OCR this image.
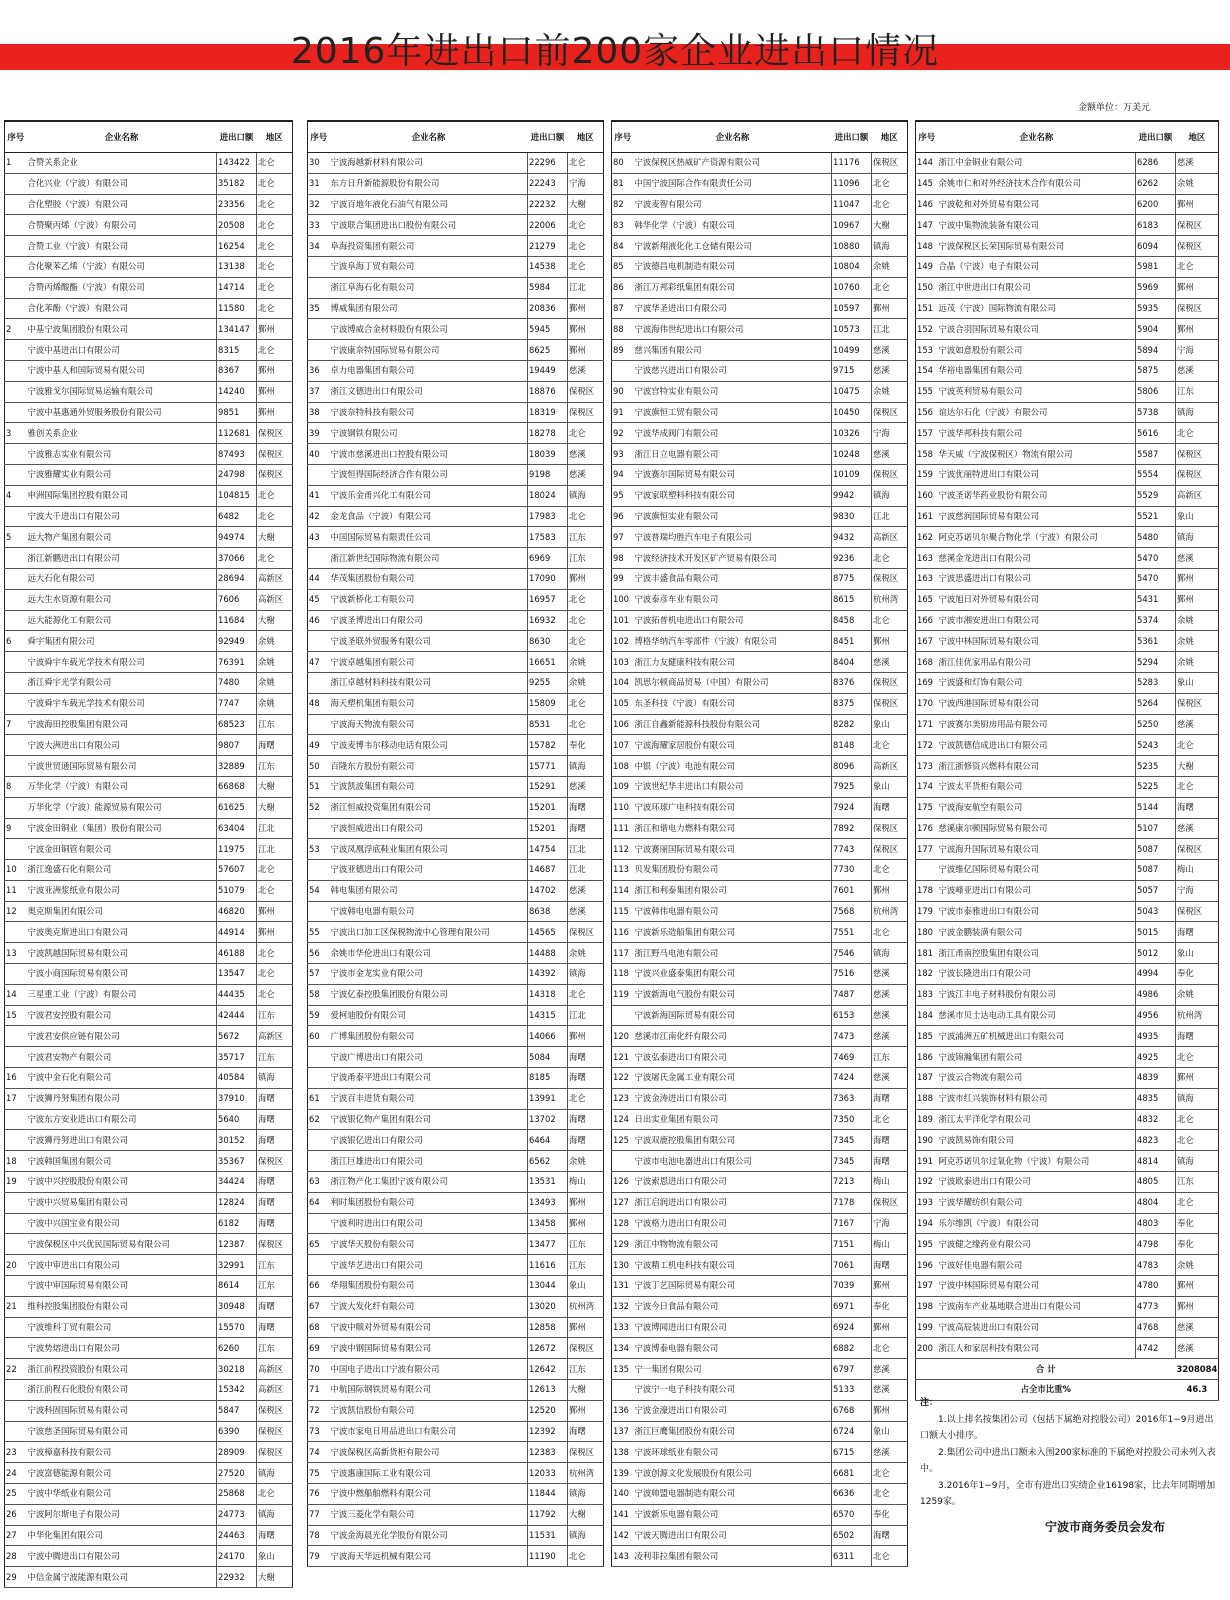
2016年进出口前200家企业进出口情况
金额单位：万美元
序号	企业名称	进出口额	地区
1	合赞关系企业	143422	北仑
	合化兴业（宁波）有限公司	35182	北仑
	合化塑胶（宁波）有限公司	23356	北仑
	合赞聚丙烯（宁波）有限公司	20508	北仑
	合赞工业（宁波）有限公司	16254	北仑
	合化聚苯乙烯（宁波）有限公司	13138	北仑
	合赞丙烯酸酯（宁波）有限公司	14714	北仑
	合化苯酚（宁波）有限公司	11580	北仑
2	中基宁波集团股份有限公司	134147	鄞州
	宁波中基进出口有限公司	8315	北仑
	宁波中基人和国际贸易有限公司	8367	鄞州
	宁波雅戈尔国际贸易运输有限公司	14240	鄞州
	宁波中基惠通外贸服务股份有限公司	9851	鄞州
3	雅创关系企业	112681	保税区
	宁波雅志实业有限公司	87493	保税区
	宁波雅耀实业有限公司	24798	保税区
4	申洲国际集团控股有限公司	104815	北仑
	宁波大千进出口有限公司	6482	北仑
5	远大物产集团有限公司	94974	大榭
	浙江新鹏进出口有限公司	37066	北仑
	远大石化有限公司	28694	高新区
	远大生水资源有限公司	7606	高新区
	远大能源化工有限公司	11684	大榭
6	舜宇集团有限公司	92949	余姚
	宁波舜宇车载光学技术有限公司	76391	余姚
	浙江舜宇光学有限公司	7480	余姚
	宁波舜宇车载光学技术有限公司	7747	余姚
7	宁波海田控股集团有限公司	68523	江东
	宁波大洲进出口有限公司	9807	海曙
	宁波世贸通国际贸易有限公司	32889	江东
8	万华化学（宁波）有限公司	66868	大榭
	万华化学（宁波）能源贸易有限公司	61625	大榭
9	宁波金田铜业（集团）股份有限公司	63404	江北
	宁波金田铜管有限公司	11975	江北
10	浙江逸盛石化有限公司	57607	北仑
11	宁波亚洲浆纸业有限公司	51079	北仑
12	奥克斯集团有限公司	46820	鄞州
	宁波奥克斯进出口有限公司	44914	鄞州
13	宁波凯越国际贸易有限公司	46188	北仑
	宁波小商国际贸易有限公司	13547	北仑
14	三星重工业（宁波）有限公司	44435	北仑
15	宁波君安控股有限公司	42444	江东
	宁波君安供应链有限公司	5672	高新区
	宁波君安物产有限公司	35717	江东
16	宁波中金石化有限公司	40584	镇海
17	宁波狮丹努集团有限公司	37910	海曙
	宁波东方安业进出口有限公司	5640	海曙
	宁波狮丹努进出口有限公司	30152	海曙
18	宁波韩国集团有限公司	35367	保税区
19	宁波中兴控股股份有限公司	34424	海曙
	宁波中兴贸易集团有限公司	12824	海曙
	宁波中兴国宝业有限公司	6182	海曙
	宁波保税区中兴优民国际贸易有限公司	12387	保税区
20	宁波中审进出口有限公司	32991	江东
	宁波中审国际贸易有限公司	8614	江东
21	维科控股集团股份有限公司	30948	海曙
	宁波维科丁贸有限公司	15570	海曙
	宁波势熔进出口有限公司	6260	江东
22	浙江前程投资股份有限公司	30218	高新区
	浙江前程石化股份有限公司	15342	高新区
	宁波科固国际贸易有限公司	5847	保税区
	宁波慈圣国际贸易有限公司	6390	保税区
23	宁波樟嘉科技有限公司	28909	保税区
24	宁波富德能源有限公司	27520	镇海
25	宁波中华纸业有限公司	25868	北仑
26	宁波阿尔斯电子有限公司	24773	镇海
27	中华化集团有限公司	24463	海曙
28	宁波中腾进出口有限公司	24170	象山
29	中信金属宁波能源有限公司	22932	大榭
序号	企业名称	进出口额	地区
30	宁波海越新材料有限公司	22296	北仑
31	东方日升新能源股份有限公司	22243	宁海
32	宁波百地年液化石油气有限公司	22232	大榭
33	宁波联合集团进出口股份有限公司	22006	北仑
34	阜海投资集团有限公司	21279	北仑
	宁波阜海丁贸有限公司	14538	北仑
	浙江阜海石化有限公司	5984	江北
35	博威集团有限公司	20836	鄞州
	宁波博威合金材料股份有限公司	5945	鄞州
	宁波康奈特国际贸易有限公司	8625	鄞州
36	卓力电器集团有限公司	19449	慈溪
37	浙江文德进出口有限公司	18876	保税区
38	宁波奈特科技有限公司	18319	保税区
39	宁波钢铁有限公司	18278	北仑
40	宁波市慈溪进出口控股有限公司	18039	慈溪
	宁波恒得国际经济合作有限公司	9198	慈溪
41	宁波乐金甬兴化工有限公司	18024	镇海
42	金龙食品（宁波）有限公司	17983	北仑
43	中国国际贸易有限责任公司	17583	江东
	浙江新世纪国际物流有限公司	6969	江东
44	华茂集团股份有限公司	17090	鄞州
45	宁波新桥化工有限公司	16957	北仑
46	宁波圣博进出口有限公司	16932	北仑
	宁波圣联外贸服务有限公司	8630	北仑
47	宁波卓越集团有限公司	16651	余姚
	浙江卓越材料科技有限公司	9255	余姚
48	海天塑机集团有限公司	15809	北仑
	宁波海天物流有限公司	8531	北仑
49	宁波麦博韦尔移动电话有限公司	15782	奉化
50	百隆东方股份有限公司	15771	镇海
51	宁波凯波集团有限公司	15291	慈溪
52	浙江恒威投资集团有限公司	15201	海曙
	宁波恒威进出口有限公司	15201	海曙
53	宁波凤凰浮底鞋业集团有限公司	14754	江北
	宁波亚德进出口有限公司	14687	江北
54	韩电集团有限公司	14702	慈溪
	宁波韩电电器有限公司	8638	慈溪
55	宁波出口加工区保税物流中心管理有限公司	14565	保税区
56	余姚市华伦进出口有限公司	14488	余姚
57	宁波市金龙实业有限公司	14392	镇海
58	宁波亿泰控股集团股份有限公司	14318	北仑
59	爱柯迪股份有限公司	14315	江北
60	广博集团股份有限公司	14066	鄞州
	宁波广博进出口有限公司	5084	海曙
	宁波甬泰平进出口有限公司	8185	海曙
61	宁波百丰进货有限公司	13991	北仑
62	宁波银亿物产集团有限公司	13702	海曙
	宁波银亿进出口有限公司	6464	海曙
	浙江巨雄进出口有限公司	6562	余姚
63	浙江物产化工集团宁波有限公司	13531	梅山
64	利时集团股份有限公司	13493	鄞州
	宁波利时进出口有限公司	13458	鄞州
65	宁波华天股份有限公司	13477	江东
	宁波华艺进出口有限公司	11616	江东
66	华翔集团股份有限公司	13044	象山
67	宁波大发化纤有限公司	13020	杭州湾
68	宁波中顺对外贸易有限公司	12858	鄞州
69	宁波中钢国际贸易有限公司	12672	保税区
70	中国电子进出口宁波有限公司	12642	江东
71	中航国际钢铁贸易有限公司	12613	大榭
72	宁波凯信股份有限公司	12520	鄞州
73	宁波市家电日用品进出口有限公司	12392	海曙
74	宁波保税区高新货柜有限公司	12383	保税区
75	宁波惠康国际工业有限公司	12033	杭州湾
76	宁波中燃船舶燃料有限公司	11844	镇海
77	宁波三菱化学有限公司	11792	大榭
78	宁波金海晨光化学股份有限公司	11531	镇海
79	宁波海天华远机械有限公司	11190	北仑
序号	企业名称	进出口额	地区
80	宁波保税区热威矿产资源有限公司	11176	保税区
81	中国宁波国际合作有限责任公司	11096	北仑
82	宁波麦智有限公司	11047	北仑
83	韩华化学（宁波）有限公司	10967	大榭
84	宁波新翔液化化工仓储有限公司	10880	镇海
85	宁波德昌电机制造有限公司	10804	余姚
86	浙江万邦彩纸集团有限公司	10760	北仑
87	宁波华圣进出口有限公司	10597	鄞州
88	宁波海伟世纪进出口有限公司	10573	江北
89	慈兴集团有限公司	10499	慈溪
	宁波慈兴进出口有限公司	9715	慈溪
90	宁波宫特实业有限公司	10475	余姚
91	宁波旗恒工贸有限公司	10450	保税区
92	宁波华成阀门有限公司	10326	宁海
93	浙江日立电器有限公司	10248	慈溪
94	宁波赛尔国际贸易有限公司	10109	保税区
95	宁波家联塑料科技有限公司	9942	镇海
96	宁波旗恒实业有限公司	9830	江北
97	宁波普瑞均胜汽车电子有限公司	9432	高新区
98	宁波经济技术开发区矿产贸易有限公司	9236	北仑
99	宁波丰盛食品有限公司	8775	保税区
100	宁波泰彦车业有限公司	8615	杭州湾
101	宁波拓普机电进出口有限公司	8458	北仑
102	博格华纳汽车零部件（宁波）有限公司	8451	鄞州
103	浙江力友健康科技有限公司	8404	慈溪
104	凯思尔顿商品贸易（中国）有限公司	8376	保税区
105	东圣科技（宁波）有限公司	8375	保税区
106	浙江自鑫新能源科技股份有限公司	8282	象山
107	宁波海耀家居股份有限公司	8148	北仑
108	中银（宁波）电池有限公司	8096	高新区
109	宁波世纪华丰进出口有限公司	7925	象山
110	宁波环球广电科技有限公司	7924	海曙
111	浙江和谐电力燃料有限公司	7892	保税区
112	宁波赛丽国际贸易有限公司	7743	保税区
113	贝发集团股份有限公司	7730	北仑
114	浙江和利泰集团有限公司	7601	鄞州
115	宁波韩伟电器有限公司	7568	杭州湾
116	宁波新乐造船集团有限公司	7551	北仑
117	浙江野马电池有限公司	7546	镇海
118	宁波兴业盛泰集团有限公司	7516	慈溪
119	宁波新海电气股份有限公司	7487	慈溪
	宁波新海国际贸易有限公司	6153	慈溪
120	慈溪市江南化纤有限公司	7473	慈溪
121	宁波弘泰进出口有限公司	7469	江东
122	宁波屠氏金属工业有限公司	7424	慈溪
123	宁波金涛进出口有限公司	7363	海曙
124	日出实业集团有限公司	7350	北仑
125	宁波双鹿控股集团有限公司	7345	海曙
	宁波市电池电器进出口有限公司	7345	海曙
126	宁波索恩进出口有限公司	7213	梅山
127	浙江启润进出口有限公司	7178	保税区
128	宁波格力进出口有限公司	7167	宁海
129	浙江中物物流有限公司	7151	梅山
130	宁波精工机电科技有限公司	7061	海曙
131	宁波丁艺国际贸易有限公司	7039	鄞州
132	宁波今日食品有限公司	6971	奉化
133	宁波博闻进出口有限公司	6924	鄞州
134	宁波博泰电器有限公司	6882	北仑
135	宁一集团有限公司	6797	慈溪
	宁波宁一电子科技有限公司	5133	慈溪
136	宁波金濠进出口有限公司	6768	鄞州
137	浙江巨鹰集团股份有限公司	6724	象山
138	宁波环球纸业有限公司	6715	慈溪
139	宁波创源文化发展股份有限公司	6681	北仑
140	宁波帅盟电器制造有限公司	6636	北仑
141	宁波新乐电器有限公司	6570	奉化
142	宁波天腾进出口有限公司	6502	海曙
143	凌利菲拉集团有限公司	6311	北仑
序号	企业名称	进出口额	地区
144	浙江中金铜业有限公司	6286	慈溪
145	余姚市仁和对外经济技术合作有限公司	6262	余姚
146	宁波乾和对外贸易有限公司	6200	鄞州
147	宁波中集物流装备有限公司	6183	保税区
148	宁波保税区长荣国际贸易有限公司	6094	保税区
149	合晶（宁波）电子有限公司	5981	北仑
150	浙江中世进出口有限公司	5969	鄞州
151	远茂（宁波）国际物流有限公司	5935	保税区
152	宁波合羽国际贸易有限公司	5904	鄞州
153	宁波如意股份有限公司	5894	宁海
154	华裕电器集团有限公司	5875	慈溪
155	宁波英利贸易有限公司	5806	江东
156	谊达尔石化（宁波）有限公司	5738	镇海
157	宁波华邦科技有限公司	5616	北仑
158	华天威（宁波保税区）物流有限公司	5587	保税区
159	宁波优丽特进出口有限公司	5554	保税区
160	宁波圣诺华药业股份有限公司	5529	高新区
161	宁波慈润国际贸易有限公司	5521	象山
162	阿克苏诺贝尔聚合物化学（宁波）有限公司	5480	镇海
163	慈溪金龙进出口有限公司	5470	慈溪
163	宁波思盛进出口有限公司	5470	鄞州
165	宁波旭日对外贸易有限公司	5431	鄞州
166	宁波市湘安进出口有限公司	5374	余姚
167	宁波中林国际贸易有限公司	5361	余姚
168	浙江佳优家用品有限公司	5294	余姚
169	宁波盛和灯饰有限公司	5283	象山
170	宁波西港国际贸易有限公司	5264	保税区
171	宁波赛尔美厨房用品有限公司	5250	慈溪
172	宁波凯德信成进出口有限公司	5243	北仑
173	浙江浙修资兴燃料有限公司	5235	大榭
174	宁波太平货柜有限公司	5225	北仑
175	宁波海安航空有限公司	5144	海曙
176	慈溪康尔顿国际贸易有限公司	5107	慈溪
177	宁波海升国际贸易有限公司	5087	保税区
	宁波维亿国际贸易有限公司	5087	梅山
178	宁波峰亚进出口有限公司	5057	宁海
179	宁波市泰雅进出口有限公司	5043	保税区
180	宁波金鹏装潢有限公司	5015	海曙
181	浙江甬南控股集团有限公司	5012	象山
182	宁波长隆进出口有限公司	4994	奉化
183	宁波江丰电子材料股份有限公司	4986	余姚
184	慈溪市贝士达电动工具有限公司	4956	杭州湾
185	宁波浦洲五矿机械进出口有限公司	4935	海曙
186	宁波锦瀚集团有限公司	4925	北仑
187	宁波云合物流有限公司	4839	鄞州
188	宁波市红兴装饰材料有限公司	4835	镇海
189	浙江太平洋化学有限公司	4832	北仑
190	宁波凯易饰有限公司	4823	北仑
191	阿克苏诺贝尔过氧化物（宁波）有限公司	4814	镇海
192	宁波欧泰进出口有限公司	4805	江东
193	宁波华耀纺织有限公司	4804	北仑
194	乐尔维凯（宁波）有限公司	4803	奉化
195	宁波健之缘药业有限公司	4798	奉化
196	宁波好佳电器有限公司	4783	余姚
197	宁波中林国际贸易有限公司	4780	鄞州
198	宁波南车产业基地联合进出口有限公司	4773	鄞州
199	宁波高辰装进出口有限公司	4768	慈溪
200	浙江人和家居科技有限公司	4742	慈溪
合 计			3208084
占全市比重%			46.3

注：

1.以上排名按集团公司（包括下属绝对控股公司）2016年1−9月进出口额大小排序。

2.集团公司中进出口额未入围200家标准的下属绝对控股公司未列入表中。

3.2016年1−9月，全市有进出口实绩企业16198家，比去年同期增加1259家。

宁波市商务委员会发布
